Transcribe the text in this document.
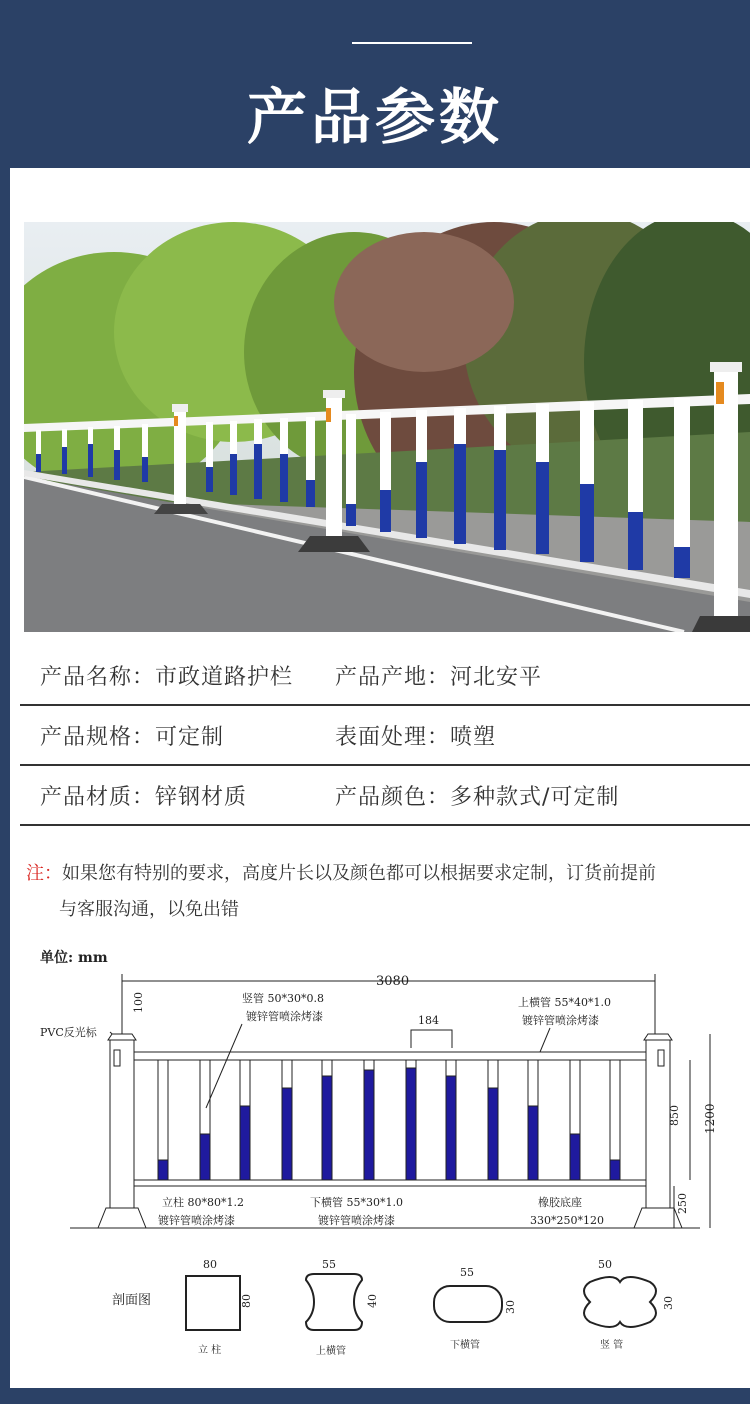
产品参数
产品名称：市政道路护栏	产品产地：河北安平
产品规格：可定制	表面处理：喷塑
产品材质：锌钢材质	产品颜色：多种款式/可定制
注：如果您有特别的要求，高度片长以及颜色都可以根据要求定制，订货前提前
与客服沟通，以免出错
单位: mm
3080
100
PVC反光标
竖管 50*30*0.8
镀锌管喷涂烤漆	184
上横管 55*40*1.0
镀锌管喷涂烤漆
850 1200
250
立柱 80*80*1.2
镀锌管喷涂烤漆
下横管 55*30*1.0
镀锌管喷涂烤漆
橡胶底座
330*250*120
剖面图
80
80
立 柱
55
40
上横管
55
30
下横管
50
30
竖 管
